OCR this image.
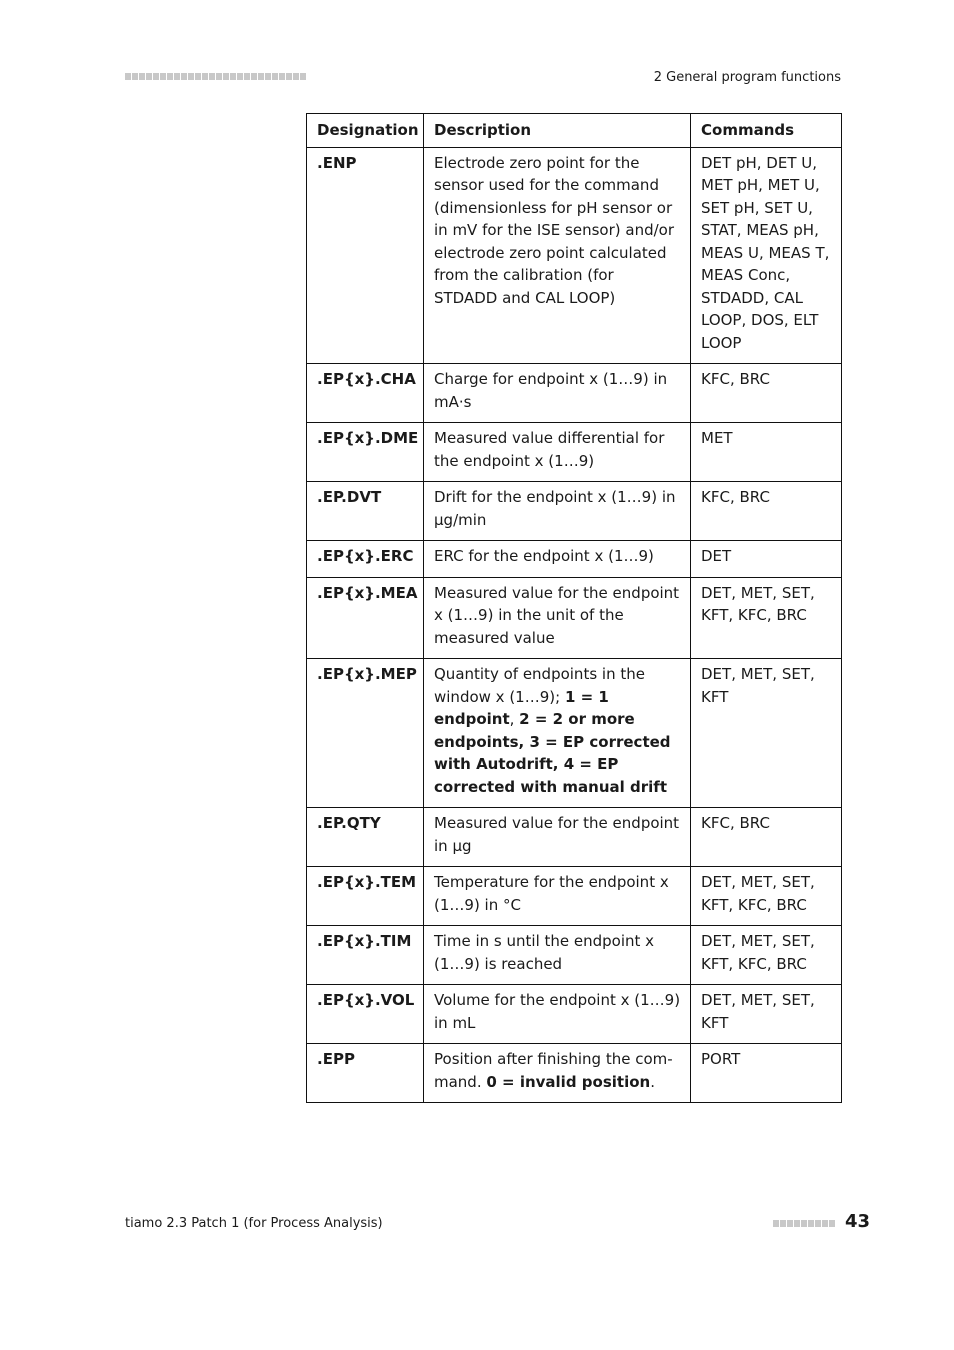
2 General program functions
Designation	Description	Commands
.ENP	Electrode zero point for the sensor used for the command (dimensionless for pH sensor or in mV for the ISE sensor) and/or electrode zero point calculated from the calibration (for STDADD and CAL LOOP)	DET pH, DET U, MET pH, MET U, SET pH, SET U, STAT, MEAS pH, MEAS U, MEAS T, MEAS Conc, STDADD, CAL LOOP, DOS, ELT LOOP
.EP{x}.CHA	Charge for endpoint x (1…9) in mA·s	KFC, BRC
.EP{x}.DME	Measured value differential for the endpoint x (1…9)	MET
.EP.DVT	Drift for the endpoint x (1…9) in µg/min	KFC, BRC
.EP{x}.ERC	ERC for the endpoint x (1…9)	DET
.EP{x}.MEA	Measured value for the endpoint x (1…9) in the unit of the measured value	DET, MET, SET, KFT, KFC, BRC
.EP{x}.MEP	Quantity of endpoints in the window x (1…9); 1 = 1 endpoint, 2 = 2 or more endpoints, 3 = EP corrected with Autodrift, 4 = EP corrected with manual drift	DET, MET, SET, KFT
.EP.QTY	Measured value for the endpoint in µg	KFC, BRC
.EP{x}.TEM	Temperature for the endpoint x (1…9) in °C	DET, MET, SET, KFT, KFC, BRC
.EP{x}.TIM	Time in s until the endpoint x (1…9) is reached	DET, MET, SET, KFT, KFC, BRC
.EP{x}.VOL	Volume for the endpoint x (1…9) in mL	DET, MET, SET, KFT
.EPP	Position after finishing the command. 0 = invalid position.	PORT
tiamo 2.3 Patch 1 (for Process Analysis)	43
